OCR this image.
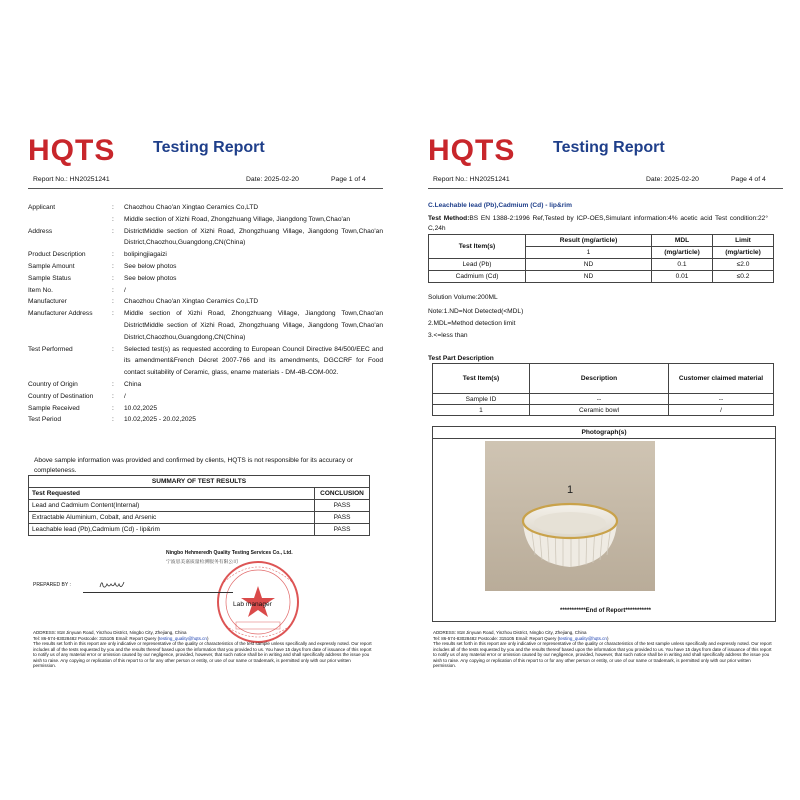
HQTS Testing Report
Report No.: HN20251241	Date: 2025-02-20	Page 1 of 4
Applicant	:	Chaozhou Chao'an Xingtao Ceramics Co,LTD
:	Middle section of Xizhi Road, Zhongzhuang Village, Jiangdong Town,Chao'an
Address	:	DistrictMiddle section of Xizhi Road, Zhongzhuang Village, Jiangdong Town,Chao'an District,Chaozhou,Guangdong,CN(China)
Product Description	:	bolipingjiagaizi
Sample Amount	:	See below photos
Sample Status	:	See below photos
Item No.	:	/
Manufacturer	:	Chaozhou Chao'an Xingtao Ceramics Co,LTD
Manufacturer Address	:	Middle section of Xizhi Road, Zhongzhuang Village, Jiangdong Town,Chao'an DistrictMiddle section of Xizhi Road, Zhongzhuang Village, Jiangdong Town,Chao'an District,Chaozhou,Guangdong,CN(China)
Test Performed	:	Selected test(s) as requested according to European Council Directive 84/500/EEC and its amendment&French Décret 2007-766 and its amendments, DGCCRF for Food contact suitability of Ceramic, glass, ename materials - DM-4B-COM-002.
Country of Origin	:	China
Country of Destination	:	/
Sample Received	:	10.02,2025
Test Period	:	10.02,2025 - 20.02,2025
Above sample information was provided and confirmed by clients, HQTS is not responsible for its accuracy or completeness.
SUMMARY OF TEST RESULTS	
Test Requested	CONCLUSION
Lead and Cadmium Content(Internal)	PASS
Extractable Aluminium, Cobalt, and Arsenic	PASS
Leachable lead (Pb),Cadmium (Cd) - lip&rim	PASS
Ningbo Hehmeredh Quality Testing Services Co., Ltd.
宁波思美嘉质量检测服务有限公司
PREPARED BY :
Lab manager
ADDRESS: 818 Jinyuan Road, Yinzhou District, Ningbo City, Zhejiang, China
Tel: 86-574-83028482 Postcode: 315105 Email: Report Query (testing_quality@hqts.cn)
The results set forth in this report are only indicative or representative of the quality or characteristics of the test sample unless specifically and expressly noted. Our report includes all of the tests requested by you and the results thereof based upon the information that you provided to us. You have 15 days from date of issuance of this report to notify us of any material error or omission caused by our negligence, provided, however, that such notice shall be in writing and shall specifically address the issue you wish to raise. Any copying or replication of this report to or for any other person or entity, or use of our name or trademark, is permitted only with our prior written permission.
HQTS Testing Report
Report No.: HN20251241	Date: 2025-02-20	Page 4 of 4
C.Leachable lead (Pb),Cadmium (Cd) - lip&rim
Test Method:BS EN 1388-2:1996 Ref,Tested by ICP-OES,Simulant information:4% acetic acid Test condition:22° C,24h
Test Item(s)	Result (mg/article)	MDL	Limit
	1	(mg/article)	(mg/article)
Lead (Pb)	ND	0.1	≤2.0
Cadmium (Cd)	ND	0.01	≤0.2
Solution Volume:200ML
Note:1.ND=Not Detected(<MDL)
2.MDL=Method detection limit
3.<=less than
Test Part Description
Test Item(s)	Description	Customer claimed material
Sample ID	--	--
1	Ceramic bowl	/
Photograph(s)
1
***********End of Report***********
ADDRESS: 818 Jinyuan Road, Yinzhou District, Ningbo City, Zhejiang, China
Tel: 86-574-83028482 Postcode: 315105 Email: Report Query (testing_quality@hqts.cn)
The results set forth in this report are only indicative or representative of the quality or characteristics of the test sample unless specifically and expressly noted. Our report includes all of the tests requested by you and the results thereof based upon the information that you provided to us. You have 15 days from date of issuance of this report to notify us of any material error or omission caused by our negligence, provided, however, that such notice shall be in writing and shall specifically address the issue you wish to raise. Any copying or replication of this report to or for any other person or entity, or use of our name or trademark, is permitted only with our prior written permission.
